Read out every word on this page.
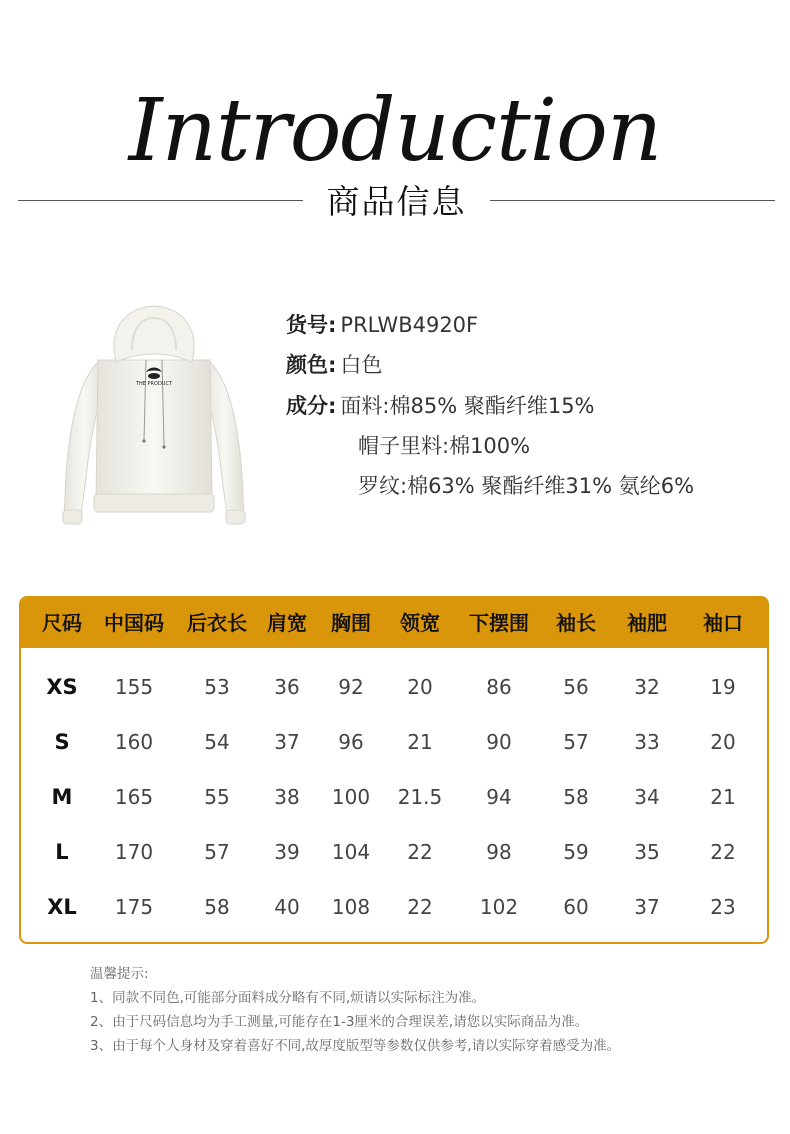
Introduction
商品信息
THE PRODUCT
货号: PRLWB4920F
颜色: 白色
成分: 面料:棉85% 聚酯纤维15%
帽子里料:棉100%
罗纹:棉63% 聚酯纤维31% 氨纶6%
尺码	中国码	后衣长	肩宽	胸围	领宽	下摆围	袖长	袖肥	袖口
XS	155	53	36	92	20	86	56	32	19
S	160	54	37	96	21	90	57	33	20
M	165	55	38	100	21.5	94	58	34	21
L	170	57	39	104	22	98	59	35	22
XL	175	58	40	108	22	102	60	37	23
温馨提示:
1、同款不同色,可能部分面料成分略有不同,烦请以实际标注为准。
2、由于尺码信息均为手工测量,可能存在1-3厘米的合理误差,请您以实际商品为准。
3、由于每个人身材及穿着喜好不同,故厚度版型等参数仅供参考,请以实际穿着感受为准。
